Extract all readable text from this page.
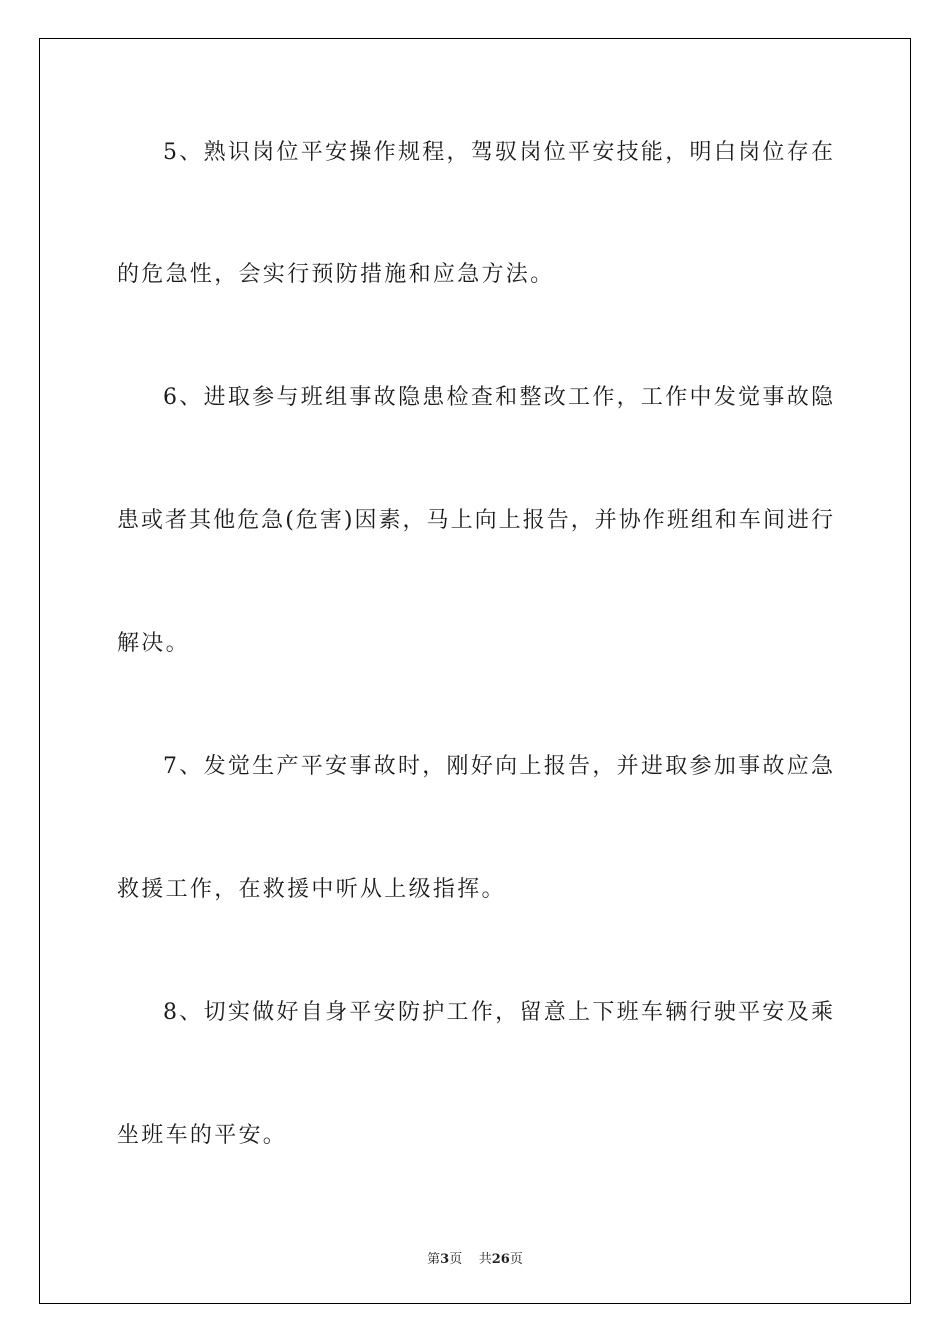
5、熟识岗位平安操作规程，驾驭岗位平安技能，明白岗位存在
的危急性，会实行预防措施和应急方法。
6、进取参与班组事故隐患检查和整改工作，工作中发觉事故隐
患或者其他危急(危害)因素，马上向上报告，并协作班组和车间进行
解决。
7、发觉生产平安事故时，刚好向上报告，并进取参加事故应急
救援工作，在救援中听从上级指挥。
8、切实做好自身平安防护工作，留意上下班车辆行驶平安及乘
坐班车的平安。
第3页    共26页
